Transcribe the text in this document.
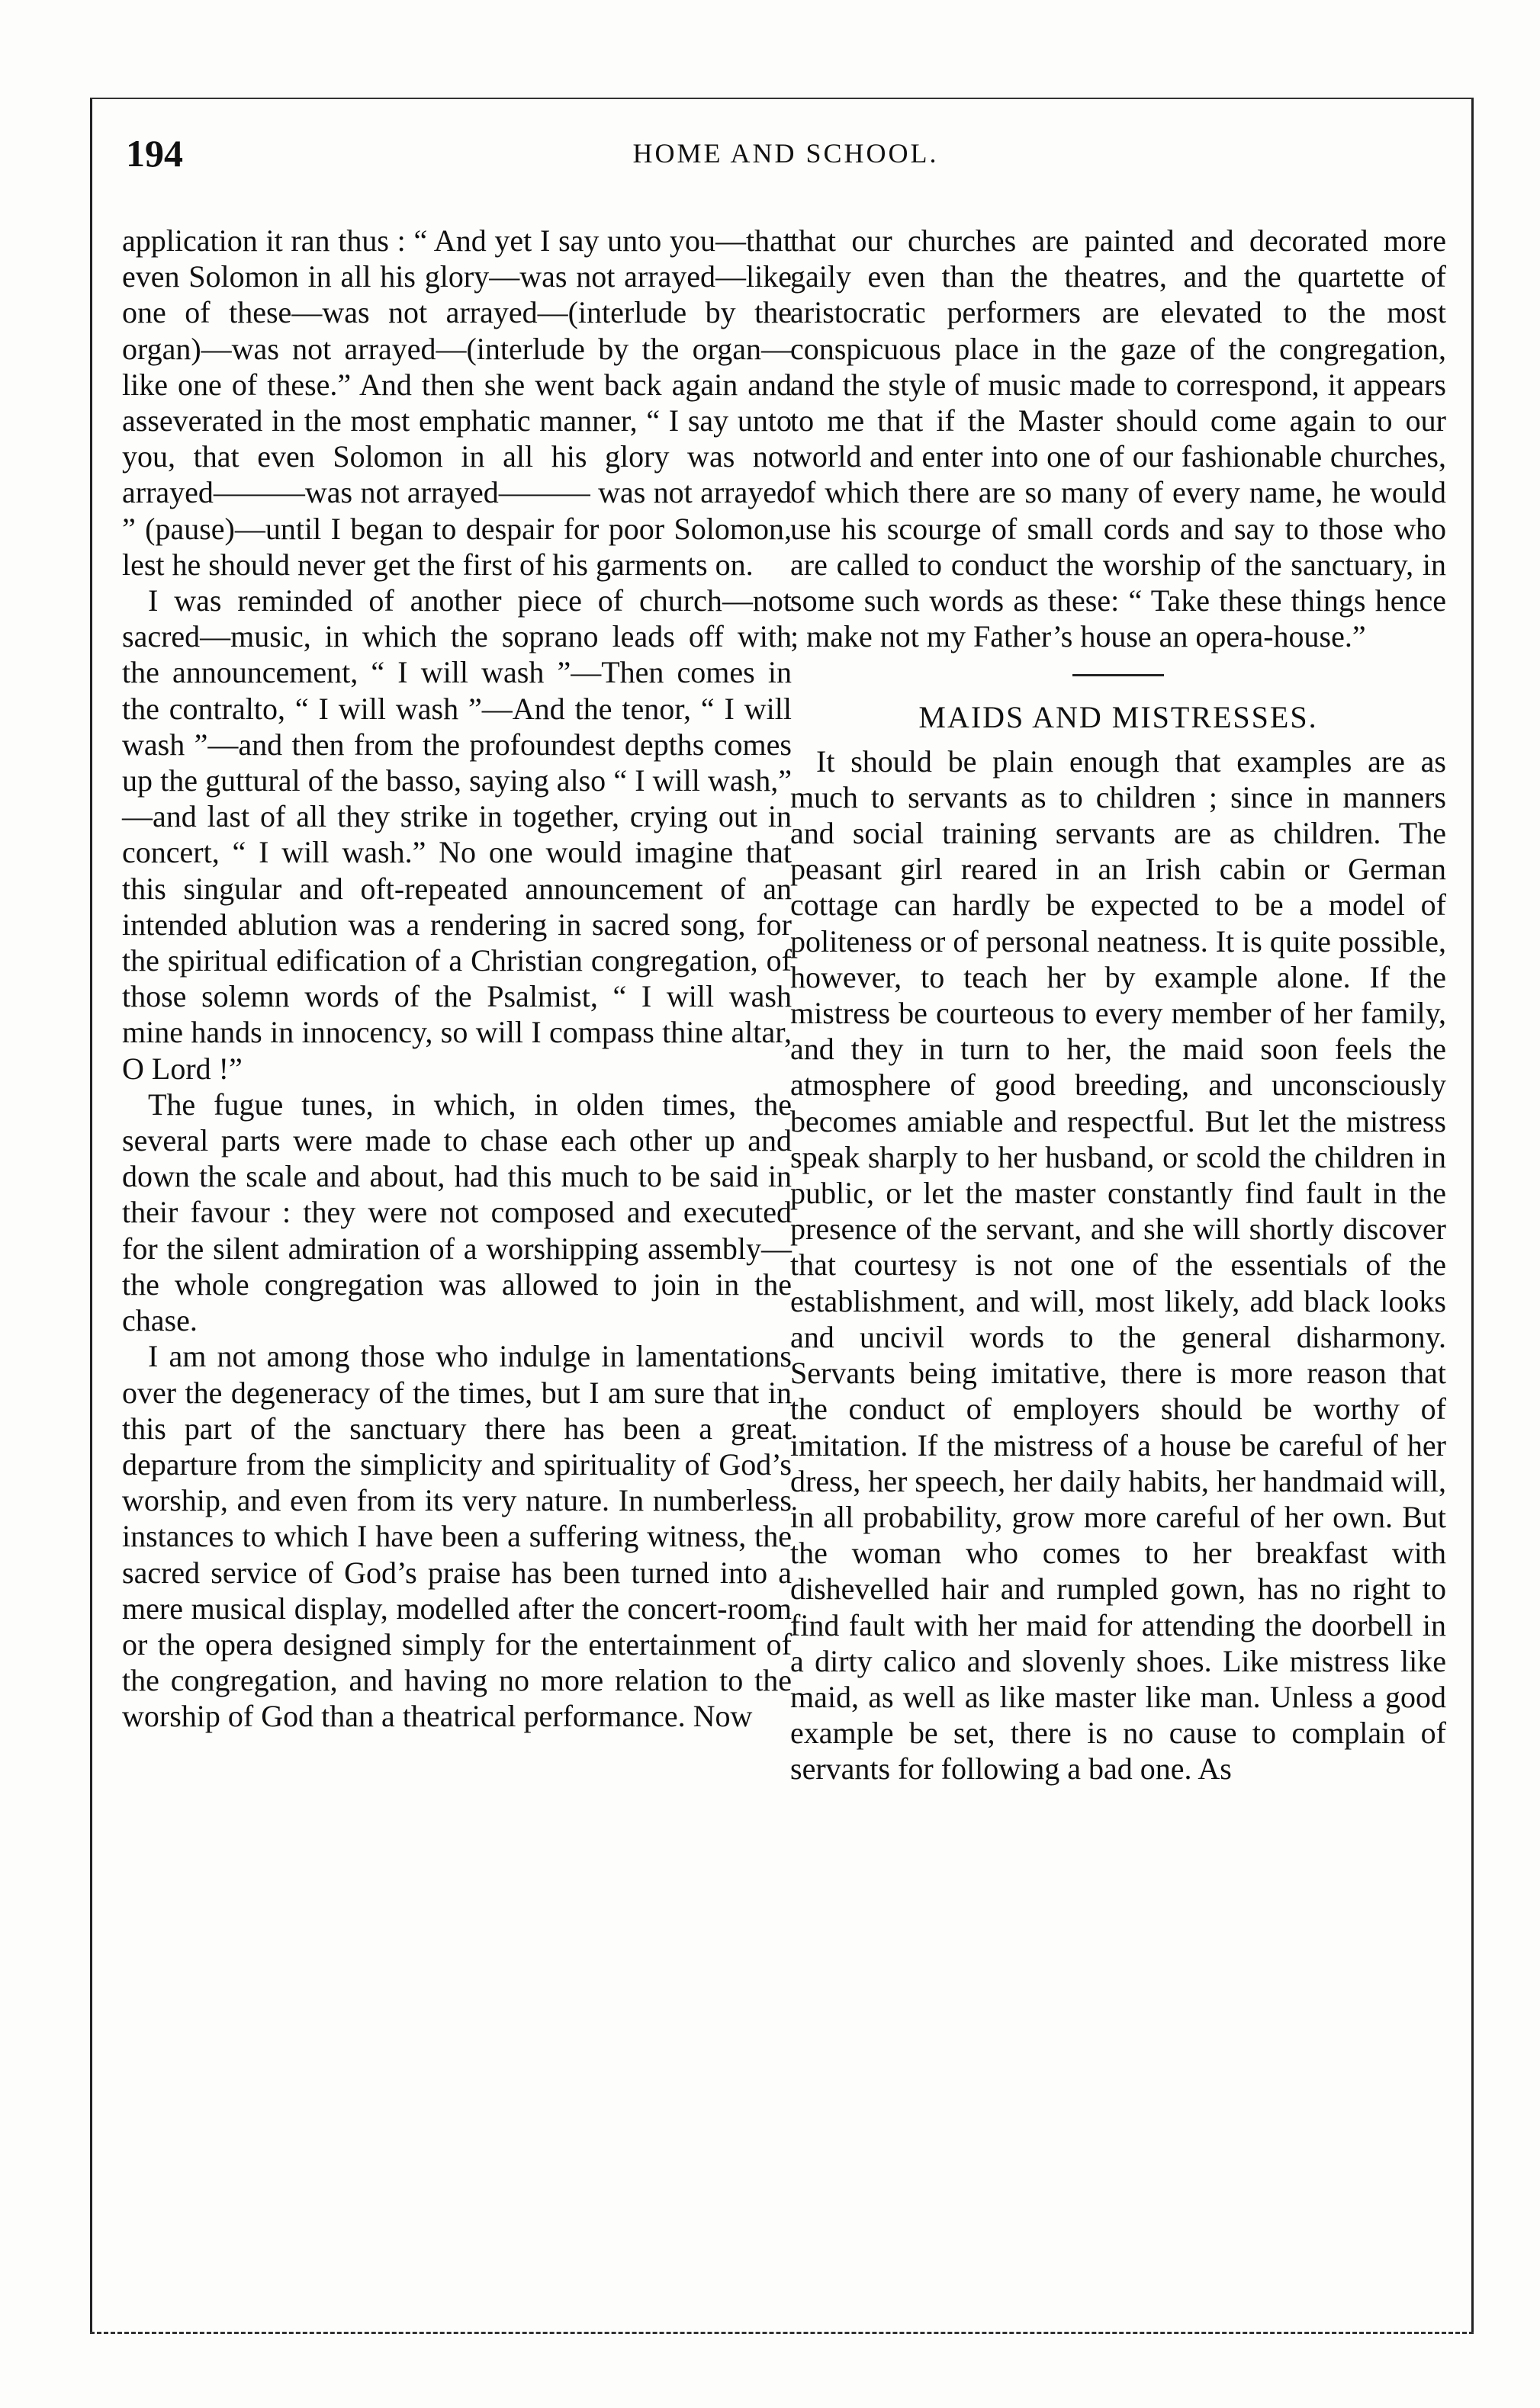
194	HOME AND SCHOOL.

application it ran thus : “ And yet I say unto you—that even Solomon in all his glory—was not arrayed—like one of these—was not arrayed—(interlude by the organ)—was not arrayed—(interlude by the organ—like one of these.” And then she went back again and asseverated in the most emphatic manner, “ I say unto you, that even Solomon in all his glory was not arrayed———was not arrayed——— was not arrayed ” (pause)—until I began to despair for poor Solomon, lest he should never get the first of his garments on.

I was reminded of another piece of church—not sacred—music, in which the soprano leads off with the announcement, “ I will wash ”—Then comes in the contralto, “ I will wash ”—And the tenor, “ I will wash ”—and then from the profoundest depths comes up the guttural of the basso, saying also “ I will wash,” —and last of all they strike in together, crying out in concert, “ I will wash.” No one would imagine that this singular and oft-repeated announcement of an intended ablution was a rendering in sacred song, for the spiritual edification of a Christian congregation, of those solemn words of the Psalmist, “ I will wash mine hands in innocency, so will I compass thine altar, O Lord !”

The fugue tunes, in which, in olden times, the several parts were made to chase each other up and down the scale and about, had this much to be said in their favour : they were not composed and executed for the silent admiration of a worshipping assembly—the whole congregation was allowed to join in the chase.

I am not among those who indulge in lamentations over the degeneracy of the times, but I am sure that in this part of the sanctuary there has been a great departure from the simplicity and spirituality of God’s worship, and even from its very nature. In numberless instances to which I have been a suffering witness, the sacred service of God’s praise has been turned into a mere musical display, modelled after the concert-room or the opera designed simply for the entertainment of the congregation, and having no more relation to the worship of God than a theatrical performance. Now

that our churches are painted and decorated more gaily even than the theatres, and the quartette of aristocratic performers are elevated to the most conspicuous place in the gaze of the congregation, and the style of music made to correspond, it appears to me that if the Master should come again to our world and enter into one of our fashionable churches, of which there are so many of every name, he would use his scourge of small cords and say to those who are called to conduct the worship of the sanctuary, in some such words as these: “ Take these things hence ; make not my Father’s house an opera-house.”

MAIDS AND MISTRESSES.

It should be plain enough that examples are as much to servants as to children ; since in manners and social training servants are as children. The peasant girl reared in an Irish cabin or German cottage can hardly be expected to be a model of politeness or of personal neatness. It is quite possible, however, to teach her by example alone. If the mistress be courteous to every member of her family, and they in turn to her, the maid soon feels the atmosphere of good breeding, and unconsciously becomes amiable and respectful. But let the mistress speak sharply to her husband, or scold the children in public, or let the master constantly find fault in the presence of the servant, and she will shortly discover that courtesy is not one of the essentials of the establishment, and will, most likely, add black looks and uncivil words to the general disharmony. Servants being imitative, there is more reason that the conduct of employers should be worthy of imitation. If the mistress of a house be careful of her dress, her speech, her daily habits, her handmaid will, in all probability, grow more careful of her own. But the woman who comes to her breakfast with dishevelled hair and rumpled gown, has no right to find fault with her maid for attending the doorbell in a dirty calico and slovenly shoes. Like mistress like maid, as well as like master like man. Unless a good example be set, there is no cause to complain of servants for following a bad one. As
